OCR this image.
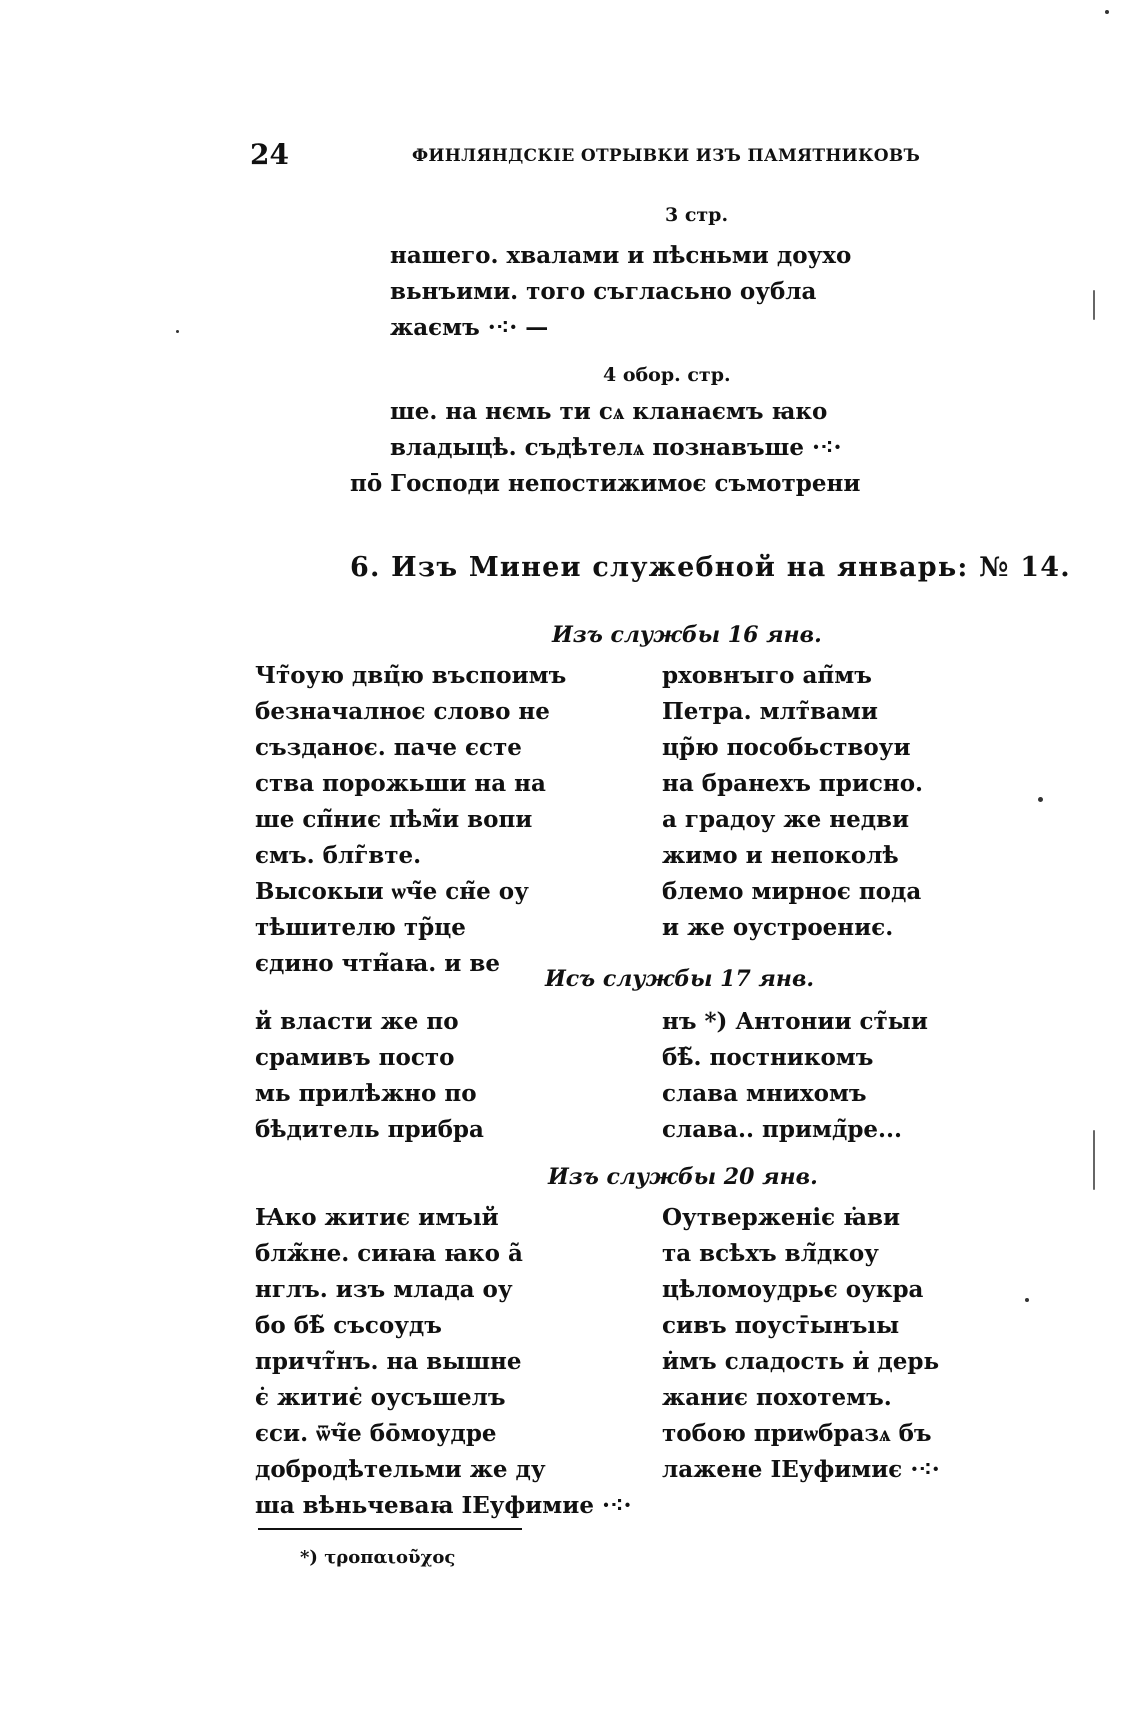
24	ФИНЛЯНДСКІЕ ОТРЫВКИ ИЗЪ ПАМЯТНИКОВЪ
3 стр.
нашего. хвалами и пѣсньми доухо
вьнъими. того съгласьно oубла
жаємъ ·⁖· —
4 обор. стр.
ше. на нємь ти сѧ кланаємъ ꙗко
владыцѣ. съдѣтелѧ познавъше ·⁖·
пō Господи непостижимоє съмотрени
6. Изъ Минеи служебной на январь: № 14.
Изъ службы 16 янв.
Чт̃оую двц̃ю въспоимъ
безначалноє слово не
създаноє. паче єсте
ства порожьши на на
ше сп̃ниє пѣм̃и вопи
ємъ. блг̃вте.
Высокыи ѡч̃е сн̃е оу
тѣшителю тр̃це
єдино чтн̃аꙗ. и ве
рховнꙑго ап̃мъ
Петра. млт̃вами
цр̃ю пособьствоуи
на бранехъ присно.
а градоу же недви
жимо и непоколѣ
блемо мирноє пода
и же оустроениє.
Исъ службы 17 янв.
й власти же по
срамивъ посто
мь прилѣжно по
бѣдитель прибра
нъ *) Антонии ст̃ыи
бѣ̃. постникомъ
слава мнихомъ
слава.. примд̃ре...
Изъ службы 20 янв.
Ꙗко житиє имъıй
блж̃не. сиꙗꙗ ꙗко а̃
нглъ. изъ млада оу
бо бѣ̃ съсоудъ
причт̃нъ. на вышне
є̇ житиє̇ оусъшелъ
єси. ѿч̃е бо̄моудре
добродѣтельми же ду
ша вѣньчеваꙗ ІЕуфимие ·⁖·
Оутверженіє ꙗ̇ви
та всѣхъ вл̃дкоу
цѣломоудрьє оукра
сивъ поуст̄ынъıы
и̇мъ сладость и̇ дерь
жаниє похотемъ.
тобою приѡбразѧ бъ
лажене ІЕуфимиє ·⁖·
*) τροπαιοῦχος
